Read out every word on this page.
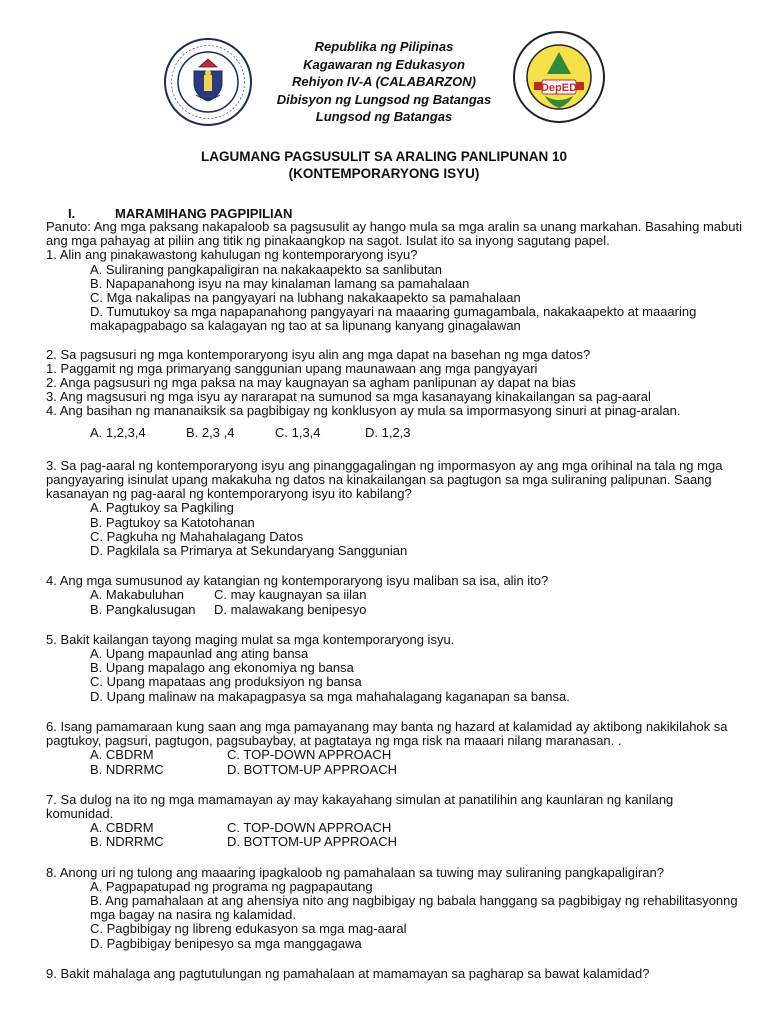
DepED
Republika ng Pilipinas
Kagawaran ng Edukasyon
Rehiyon IV-A (CALABARZON)
Dibisyon ng Lungsod ng Batangas
Lungsod ng Batangas
LAGUMANG PAGSUSULIT SA ARALING PANLIPUNAN 10
(KONTEMPORARYONG ISYU)
I.	MARAMIHANG PAGPIPILIAN

Panuto: Ang mga paksang nakapaloob sa pagsusulit ay hango mula sa mga aralin sa unang markahan. Basahing mabuti ang mga pahayag at piliin ang titik ng pinakaangkop na sagot. Isulat ito sa inyong sagutang papel.

1. Alin ang pinakawastong kahulugan ng kontemporaryong isyu?

A. Suliraning pangkapaligiran na nakakaapekto sa sanlibutan
B. Napapanahong isyu na may kinalaman lamang sa pamahalaan
C. Mga nakalipas na pangyayari na lubhang nakakaapekto sa pamahalaan
D. Tumutukoy sa mga napapanahong pangyayari na maaaring gumagambala, nakakaapekto at maaaring makapagpabago sa kalagayan ng tao at sa lipunang kanyang ginagalawan

2. Sa pagsusuri ng mga kontemporaryong isyu alin ang mga dapat na basehan ng mga datos?

1. Paggamit ng mga primaryang sanggunian upang maunawaan ang mga pangyayari
2. Anga pagsusuri ng mga paksa na may kaugnayan sa agham panlipunan ay dapat na bias
3. Ang magsusuri ng mga isyu ay nararapat na sumunod sa mga kasanayang kinakailangan sa pag-aaral
4. Ang basihan ng mananaiksik sa pagbibigay ng konklusyon ay mula sa impormasyong sinuri at pinag-aralan.
A. 1,2,3,4	B. 2,3 ,4	C. 1,3,4	D. 1,2,3

3. Sa pag-aaral ng kontemporaryong isyu ang pinanggagalingan ng impormasyon ay ang mga orihinal na tala ng mga pangyayaring isinulat upang makakuha ng datos na kinakailangan sa pagtugon sa mga suliraning palipunan. Saang kasanayan ng pag-aaral ng kontemporaryong isyu ito kabilang?

A. Pagtukoy sa Pagkiling
B. Pagtukoy sa Katotohanan
C. Pagkuha ng Mahahalagang Datos
D. Pagkilala sa Primarya at Sekundaryang Sanggunian

4. Ang mga sumusunod ay katangian ng kontemporaryong isyu maliban sa isa, alin ito?

A. Makabuluhan	C. may kaugnayan sa iilan
B. Pangkalusugan	D. malawakang benipesyo

5. Bakit kailangan tayong maging mulat sa mga kontemporaryong isyu.

A. Upang mapaunlad ang ating bansa
B. Upang mapalago ang ekonomiya ng bansa
C. Upang mapataas ang produksiyon ng bansa
D. Upang malinaw na makapagpasya sa mga mahahalagang kaganapan sa bansa.

6. Isang pamamaraan kung saan ang mga pamayanang may banta ng hazard at kalamidad ay aktibong nakikilahok sa pagtukoy, pagsuri, pagtugon, pagsubaybay, at pagtataya ng mga risk na maaari nilang maranasan. .

A. CBDRM	C. TOP-DOWN APPROACH
B. NDRRMC	D. BOTTOM-UP APPROACH

7. Sa dulog na ito ng mga mamamayan ay may kakayahang simulan at panatilihin ang kaunlaran ng kanilang komunidad.

A. CBDRM	C. TOP-DOWN APPROACH
B. NDRRMC	D. BOTTOM-UP APPROACH

8. Anong uri ng tulong ang maaaring ipagkaloob ng pamahalaan sa tuwing may suliraning pangkapaligiran?

A. Pagpapatupad ng programa ng pagpapautang
B. Ang pamahalaan at ang ahensiya nito ang nagbibigay ng babala hanggang sa pagbibigay ng rehabilitasyonng mga bagay na nasira ng kalamidad.
C. Pagbibigay ng libreng edukasyon sa mga mag-aaral
D. Pagbibigay benipesyo sa mga manggagawa

9. Bakit mahalaga ang pagtutulungan ng pamahalaan at mamamayan sa pagharap sa bawat kalamidad?
